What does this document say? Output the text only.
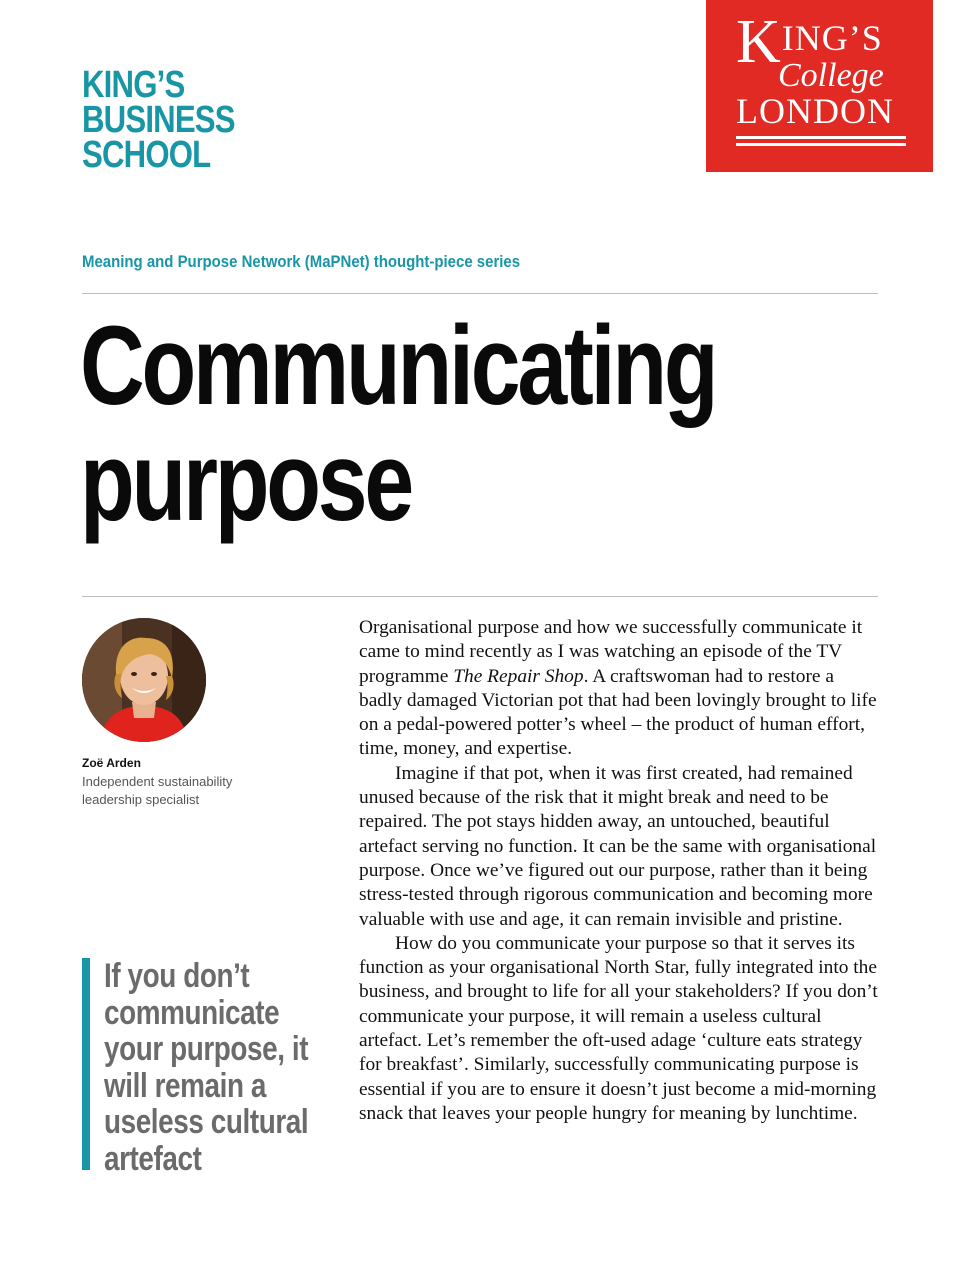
KING’S
BUSINESS
SCHOOL
KING’S
College
LONDON
Meaning and Purpose Network (MaPNet) thought-piece series
Communicating
purpose
Zoë Arden
Independent sustainability leadership specialist
If you don’t communicate your purpose, it will remain a useless cultural artefact

Organisational purpose and how we successfully communicate it came to mind recently as I was watching an episode of the TV programme The Repair Shop. A craftswoman had to restore a badly damaged Victorian pot that had been lovingly brought to life on a pedal-powered potter’s wheel – the product of human effort, time, money, and expertise.

Imagine if that pot, when it was first created, had remained unused because of the risk that it might break and need to be repaired. The pot stays hidden away, an untouched, beautiful artefact serving no function. It can be the same with organisational purpose. Once we’ve figured out our purpose, rather than it being stress-tested through rigorous communication and becoming more valuable with use and age, it can remain invisible and pristine.

How do you communicate your purpose so that it serves its function as your organisational North Star, fully integrated into the business, and brought to life for all your stakeholders? If you don’t communicate your purpose, it will remain a useless cultural artefact. Let’s remember the oft-used adage ‘culture eats strategy for breakfast’. Similarly, successfully communicating purpose is essential if you are to ensure it doesn’t just become a mid-morning snack that leaves your people hungry for meaning by lunchtime.
